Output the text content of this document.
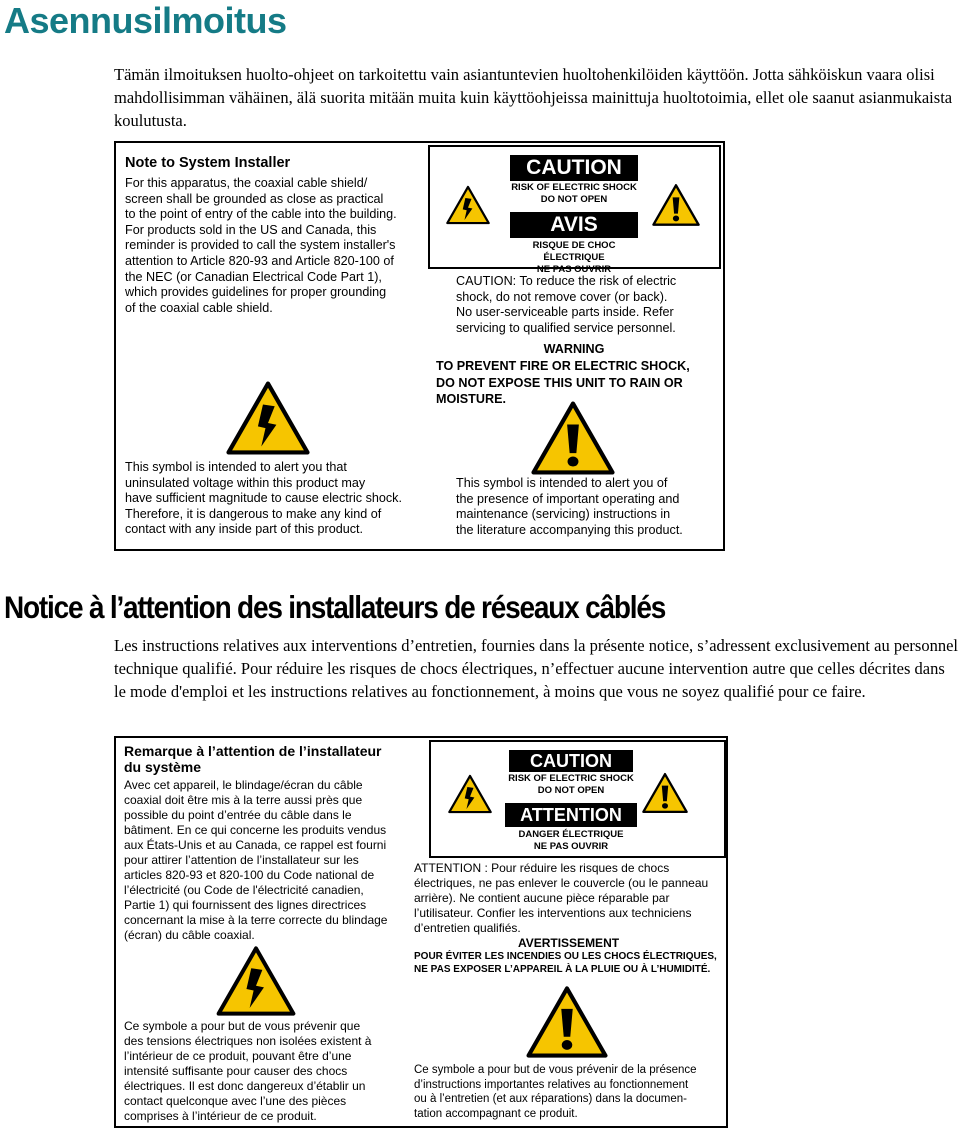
Asennusilmoitus
Tämän ilmoituksen huolto-ohjeet on tarkoitettu vain asiantuntevien huoltohenkilöiden käyttöön. Jotta sähköiskun vaara olisi mahdollisimman vähäinen, älä suorita mitään muita kuin käyttöohjeissa mainittuja huoltotoimia, ellet ole saanut asianmukaista koulutusta.
Note to System Installer
For this apparatus, the coaxial cable shield/
screen shall be grounded as close as practical
to the point of entry of the cable into the building.
For products sold in the US and Canada, this
reminder is provided to call the system installer's
attention to Article 820-93 and Article 820-100 of
the NEC (or Canadian Electrical Code Part 1),
which provides guidelines for proper grounding
of the coaxial cable shield.
CAUTION
RISK OF ELECTRIC SHOCK
DO NOT OPEN
AVIS
RISQUE DE CHOC ÉLECTRIQUE
NE PAS OUVRIR
CAUTION: To reduce the risk of electric
shock, do not remove cover (or back).
No user-serviceable parts inside. Refer
servicing to qualified service personnel.
WARNING
TO PREVENT FIRE OR ELECTRIC SHOCK,
DO NOT EXPOSE THIS UNIT TO RAIN OR
MOISTURE.
This symbol is intended to alert you that
uninsulated voltage within this product may
have sufficient magnitude to cause electric shock.
Therefore, it is dangerous to make any kind of
contact with any inside part of this product.
This symbol is intended to alert you of
the presence of important operating and
maintenance (servicing) instructions in
the literature accompanying this product.
Notice à l’attention des installateurs de réseaux câblés
Les instructions relatives aux interventions d’entretien, fournies dans la présente notice, s’adressent exclusivement au personnel technique qualifié. Pour réduire les risques de chocs électriques, n’effectuer aucune intervention autre que celles décrites dans le mode d'emploi et les instructions relatives au fonctionnement, à moins que vous ne soyez qualifié pour ce faire.
Remarque à l’attention de l’installateur
du système
Avec cet appareil, le blindage/écran du câble
coaxial doit être mis à la terre aussi près que
possible du point d’entrée du câble dans le
bâtiment. En ce qui concerne les produits vendus
aux États-Unis et au Canada, ce rappel est fourni
pour attirer l’attention de l’installateur sur les
articles 820-93 et 820-100 du Code national de
l’électricité (ou Code de l'électricité canadien,
Partie 1) qui fournissent des lignes directrices
concernant la mise à la terre correcte du blindage
(écran) du câble coaxial.
CAUTION
RISK OF ELECTRIC SHOCK
DO NOT OPEN
ATTENTION
DANGER ÉLECTRIQUE
NE PAS OUVRIR
ATTENTION : Pour réduire les risques de chocs
électriques, ne pas enlever le couvercle (ou le panneau
arrière). Ne contient aucune pièce réparable par
l’utilisateur. Confier les interventions aux techniciens
d’entretien qualifiés.
AVERTISSEMENT
POUR ÉVITER LES INCENDIES OU LES CHOCS ÉLECTRIQUES,
NE PAS EXPOSER L’APPAREIL À LA PLUIE OU À L’HUMIDITÉ.
Ce symbole a pour but de vous prévenir que
des tensions électriques non isolées existent à
l’intérieur de ce produit, pouvant être d’une
intensité suffisante pour causer des chocs
électriques. Il est donc dangereux d’établir un
contact quelconque avec l’une des pièces
comprises à l’intérieur de ce produit.
Ce symbole a pour but de vous prévenir de la présence
d’instructions importantes relatives au fonctionnement
ou à l’entretien (et aux réparations) dans la documen-
tation accompagnant ce produit.
